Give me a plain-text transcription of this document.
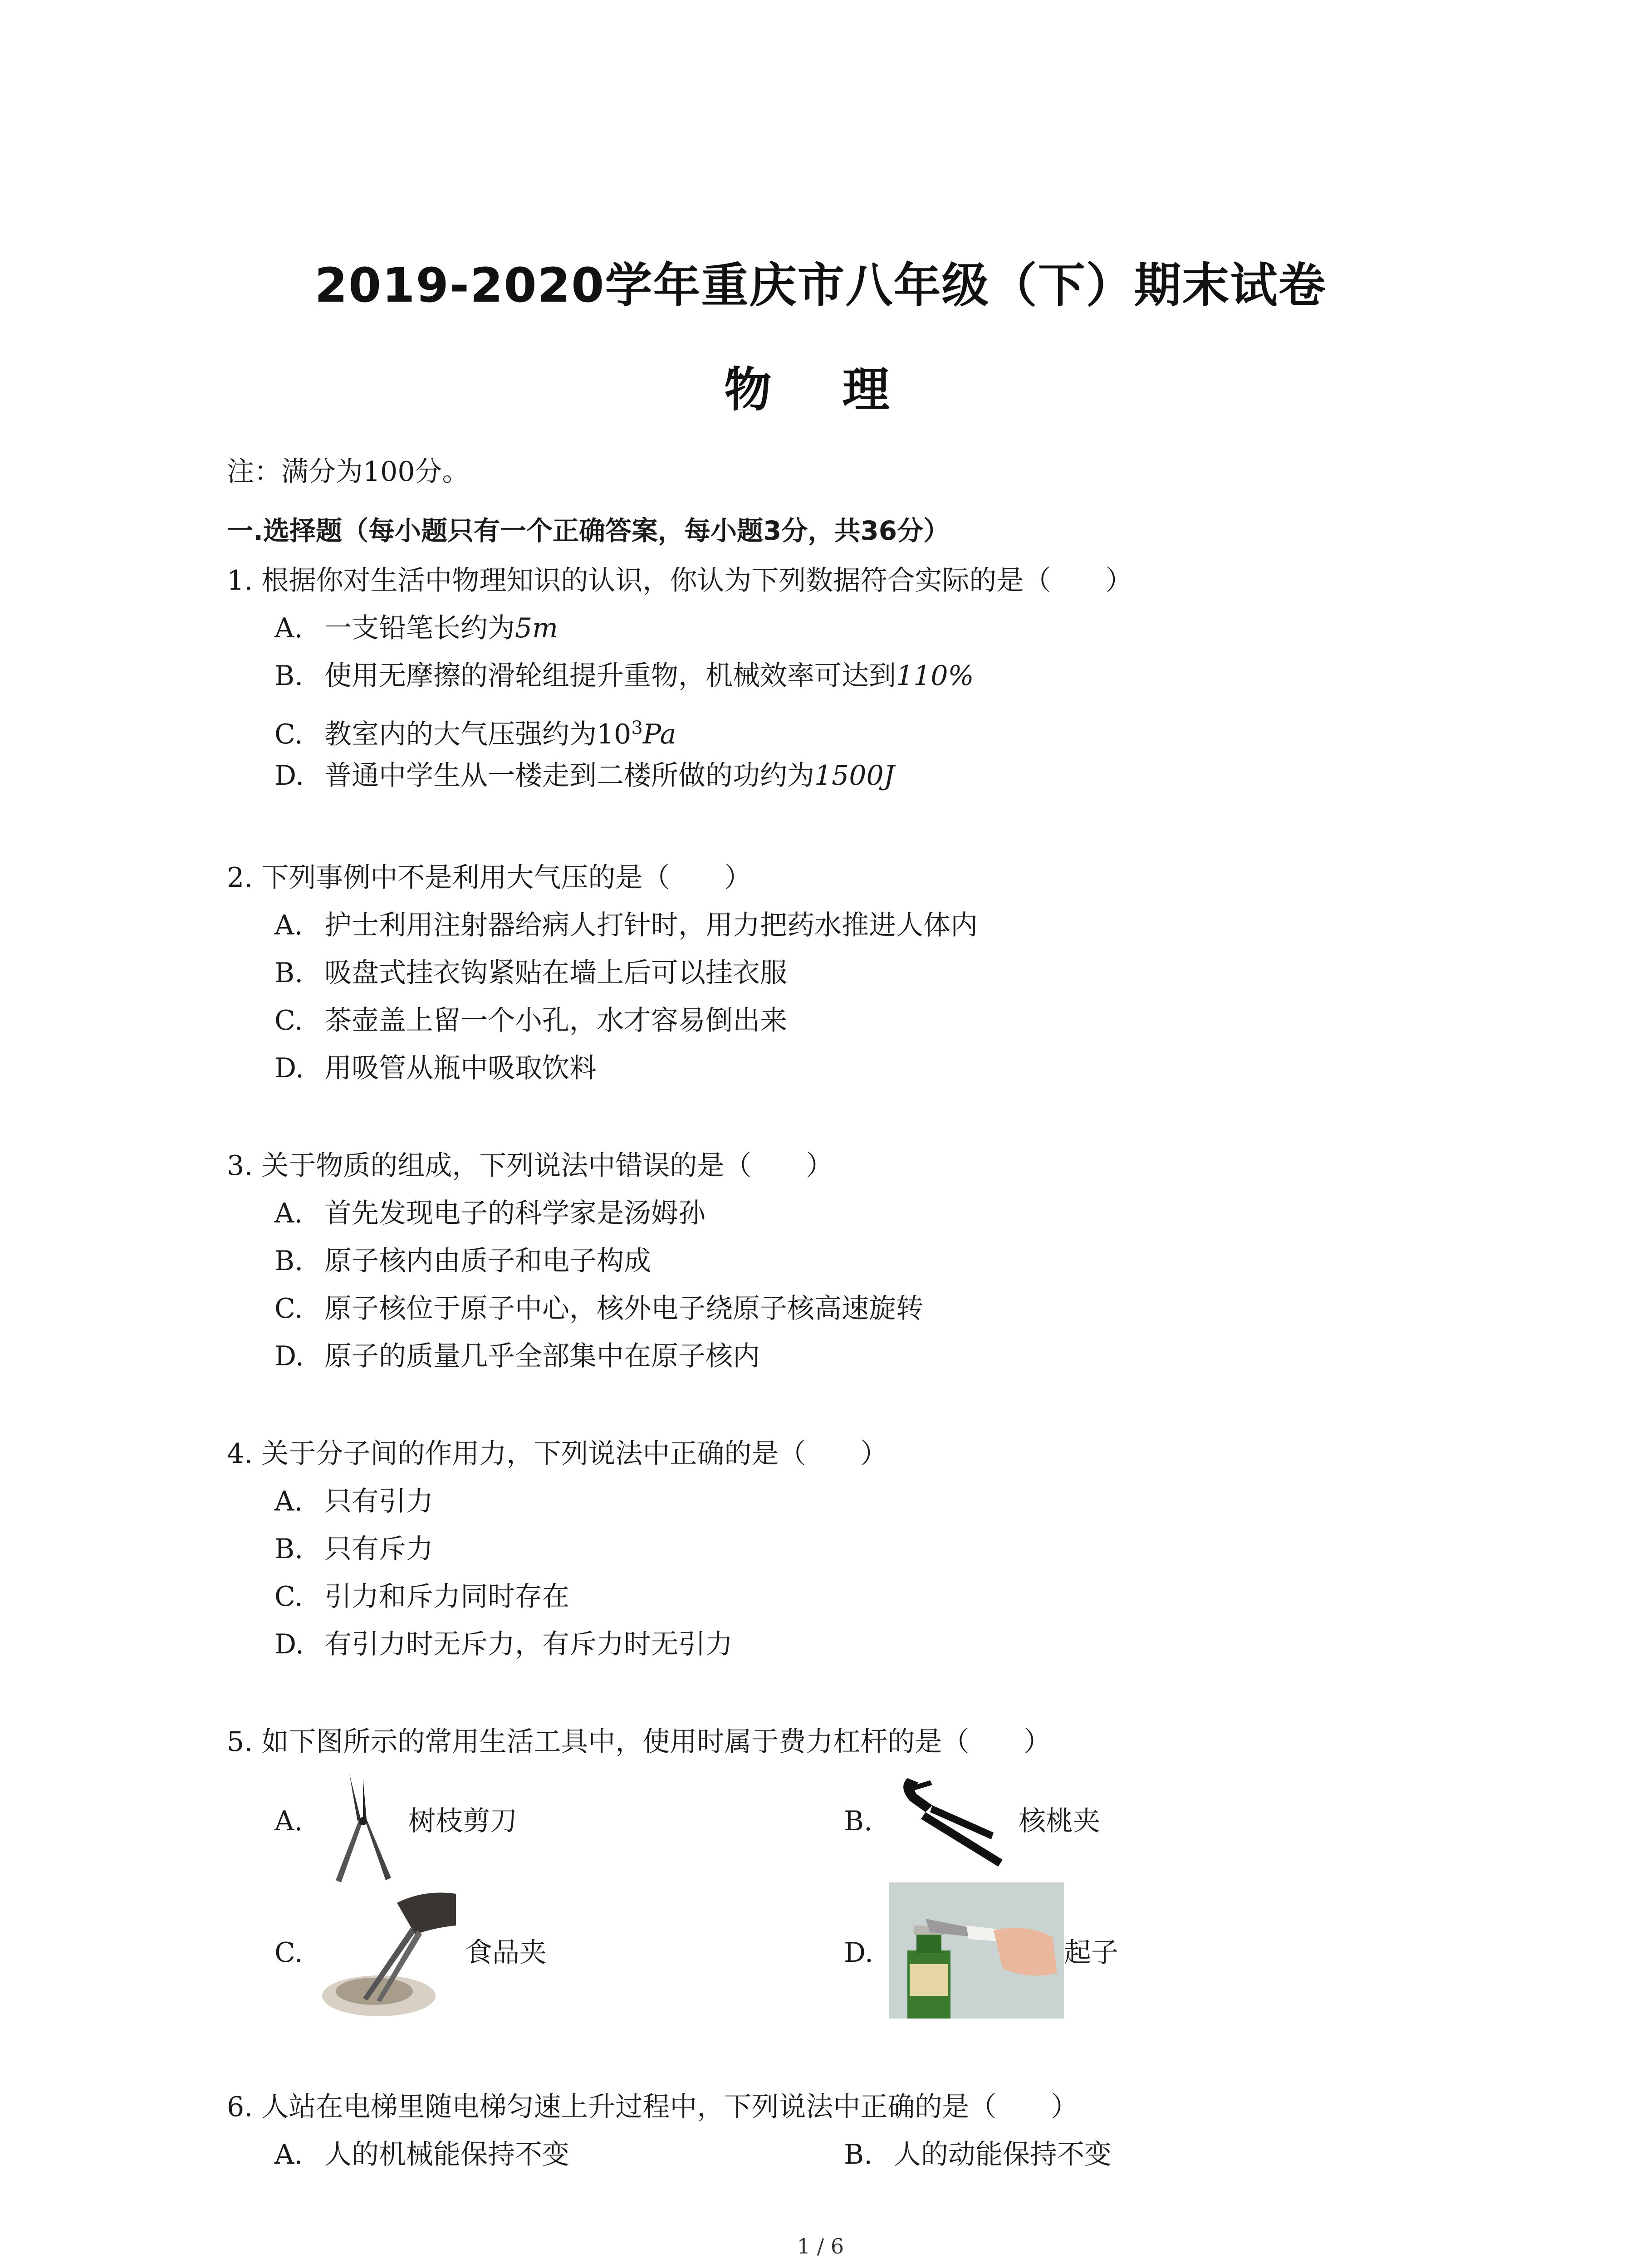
2019-2020学年重庆市八年级（下）期末试卷
物 理
注：满分为100分。
一.选择题（每小题只有一个正确答案，每小题3分，共36分）
1. 根据你对生活中物理知识的认识，你认为下列数据符合实际的是（　　）
A. 一支铅笔长约为5m
B. 使用无摩擦的滑轮组提升重物，机械效率可达到110%
C. 教室内的大气压强约为$10^3Pa$
D. 普通中学生从一楼走到二楼所做的功约为1500J
2. 下列事例中不是利用大气压的是（　　）
A. 护士利用注射器给病人打针时，用力把药水推进人体内
B. 吸盘式挂衣钩紧贴在墙上后可以挂衣服
C. 茶壶盖上留一个小孔，水才容易倒出来
D. 用吸管从瓶中吸取饮料
3. 关于物质的组成，下列说法中错误的是（　　）
A. 首先发现电子的科学家是汤姆孙
B. 原子核内由质子和电子构成
C. 原子核位于原子中心，核外电子绕原子核高速旋转
D. 原子的质量几乎全部集中在原子核内
4. 关于分子间的作用力，下列说法中正确的是（　　）
A. 只有引力
B. 只有斥力
C. 引力和斥力同时存在
D. 有引力时无斥力，有斥力时无引力
5. 如下图所示的常用生活工具中，使用时属于费力杠杆的是（　　）
A.	树枝剪刀	B.	核桃夹
C.	食品夹	D.	起子
6. 人站在电梯里随电梯匀速上升过程中，下列说法中正确的是（　　）
A. 人的机械能保持不变	B. 人的动能保持不变
1 / 6
